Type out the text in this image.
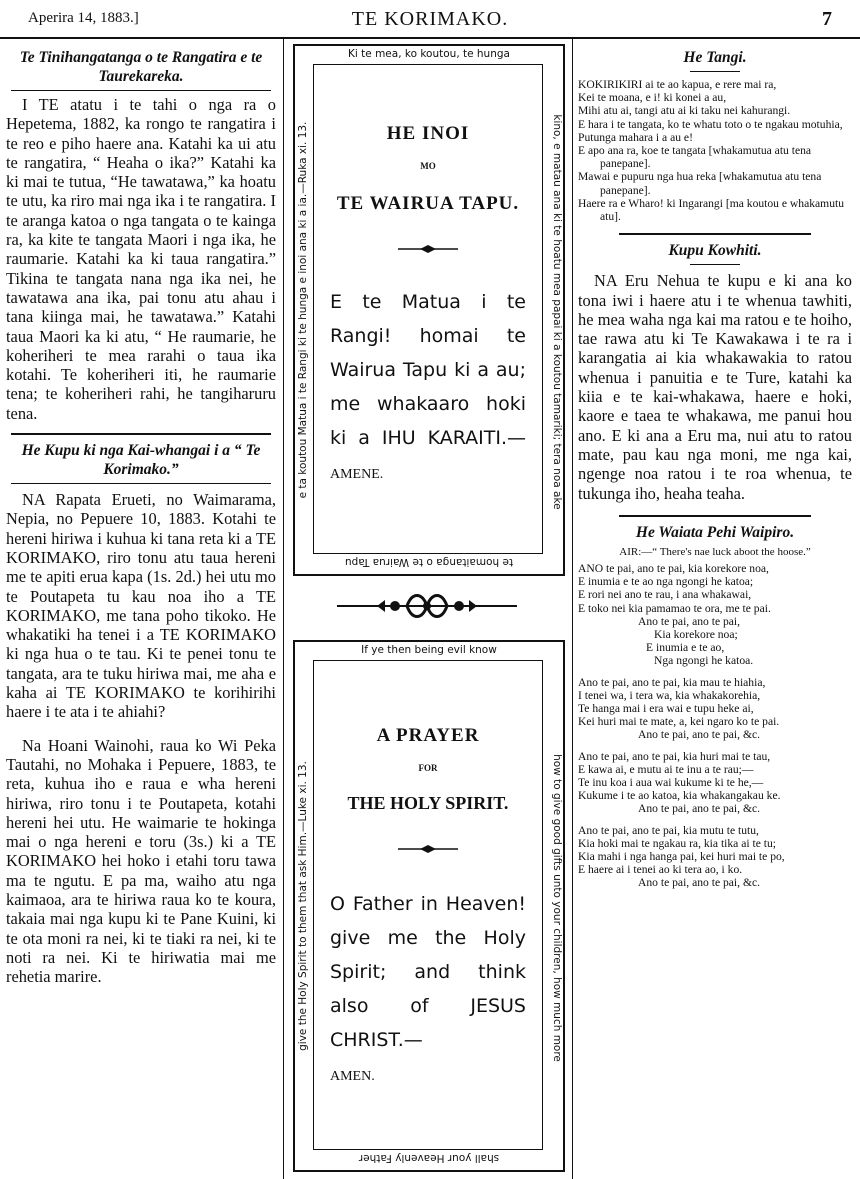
Aperira 14, 1883.]	TE KORIMAKO.	7
Te Tinihangatanga o te Rangatira e te Taurekareka.

I TE atatu i te tahi o nga ra o Hepetema, 1882, ka rongo te rangatira i te reo e piho haere ana. Katahi ka ui atu te rangatira, “ Heaha o ika?” Katahi ka ki mai te tutua, “He tawatawa,” ka hoatu te utu, ka riro mai nga ika i te rangatira. I te aranga katoa o nga tangata o te kainga ra, ka kite te tangata Maori i nga ika, he raumarie. Katahi ka ki taua rangatira.” Tikina te tangata nana nga ika nei, he tawatawa ana ika, pai tonu atu ahau i tana kiinga mai, he tawatawa.” Katahi taua Maori ka ki atu, “ He raumarie, he koheriheri te mea rarahi o taua ika kotahi. Te koheriheri iti, he raumarie tena; te koheriheri rahi, he tangiharuru tena.

He Kupu ki nga Kai-whangai i a “ Te Korimako.”

NA Rapata Erueti, no Waimarama, Nepia, no Pepuere 10, 1883. Kotahi te hereni hiriwa i kuhua ki tana reta ki a TE KORIMAKO, riro tonu atu taua hereni me te apiti erua kapa (1s. 2d.) hei utu mo te Poutapeta tu kau noa iho a TE KORIMAKO, me tana poho tikoko. He whakatiki ha tenei i a TE KORIMAKO ki nga hua o te tau. Ki te penei tonu te tangata, ara te tuku hiriwa mai, me aha e kaha ai TE KORIMAKO te korihirihi haere i te ata i te ahiahi?

Na Hoani Wainohi, raua ko Wi Peka Tautahi, no Mohaka i Pepuere, 1883, te reta, kuhua iho e raua e wha hereni hiriwa, riro tonu i te Poutapeta, kotahi hereni hei utu. He waimarie te hokinga mai o nga hereni e toru (3s.) ki a TE KORIMAKO hei hoko i etahi toru tawa ma te ngutu. E pa ma, waiho atu nga kaimaoa, ara te hiriwa raua ko te koura, takaia mai nga kupu ki te Pane Kuini, ki te ota moni ra nei, ki te tiaki ra nei, ki te noti ra nei. Ki te hiriwatia mai me rehetia marire.

Ki te mea, ko koutou, te hunga
kino, e matau ana ki te hoatu mea papai ki a koutou tamariki; tera noa ake
te homaitanga o te Wairua Tapu
e ta koutou Matua i te Rangi ki te hunga e inoi ana ki a ia.—Ruka xi. 13.	HE INOI
MO
TE WAIRUA TAPU.
E te Matua i te Rangi! homai te Wairua Tapu ki a au; me whakaaro hoki ki a IHU KARAITI.—AMENE.
If ye then being evil know
how to give good gifts unto your children, how much more
shall your Heavenly Father
give the Holy Spirit to them that ask Him.—Luke xi. 13.
A PRAYER
FOR
THE HOLY SPIRIT.
O Father in Heaven! give me the Holy Spirit; and think also of JESUS CHRIST.—
AMEN.
He Tangi.

KOKIRIKIRI ai te ao kapua, e rere mai ra,

Kei te moana, e i! ki konei a au,

Mihi atu ai, tangi atu ai ki taku nei kahurangi.

E hara i te tangata, ko te whatu toto o te ngakau motuhia,

Putunga mahara i a au e!

E apo ana ra, koe te tangata [whakamutua atu tena panepane].

Mawai e pupuru nga hua reka [whakamutua atu tena panepane].

Haere ra e Wharo! ki Ingarangi [ma koutou e whakamutu atu].

Kupu Kowhiti.

NA Eru Nehua te kupu e ki ana ko tona iwi i haere atu i te whenua tawhiti, he mea waha nga kai ma ratou e te hoiho, tae rawa atu ki Te Kawakawa i te ra i karangatia ai kia whakawakia to ratou whenua i panuitia e te Ture, katahi ka kiia e te kai-whakawa, haere e hoki, kaore e taea te whakawa, me panui hou ano. E ki ana a Eru ma, nui atu to ratou mate, pau kau nga moni, me nga kai, ngenge noa ratou i te roa whenua, te tukunga iho, heaha teaha.

He Waiata Pehi Waipiro.
AIR:—“ There's nae luck aboot the hoose.”

ANO te pai, ano te pai, kia korekore noa,

E inumia e te ao nga ngongi he katoa;

E rori nei ano te rau, i ana whakawai,

E toko nei kia pamamao te ora, me te pai.

Ano te pai, ano te pai,

Kia korekore noa;

E inumia e te ao,

Nga ngongi he katoa.

Ano te pai, ano te pai, kia mau te hiahia,

I tenei wa, i tera wa, kia whakakorehia,

Te hanga mai i era wai e tupu heke ai,

Kei huri mai te mate, a, kei ngaro ko te pai.

Ano te pai, ano te pai, &c.

Ano te pai, ano te pai, kia huri mai te tau,

E kawa ai, e mutu ai te inu a te rau;—

Te inu koa i aua wai kukume ki te he,—

Kukume i te ao katoa, kia whakangakau ke.

Ano te pai, ano te pai, &c.

Ano te pai, ano te pai, kia mutu te tutu,

Kia hoki mai te ngakau ra, kia tika ai te tu;

Kia mahi i nga hanga pai, kei huri mai te po,

E haere ai i tenei ao ki tera ao, i ko.

Ano te pai, ano te pai, &c.
